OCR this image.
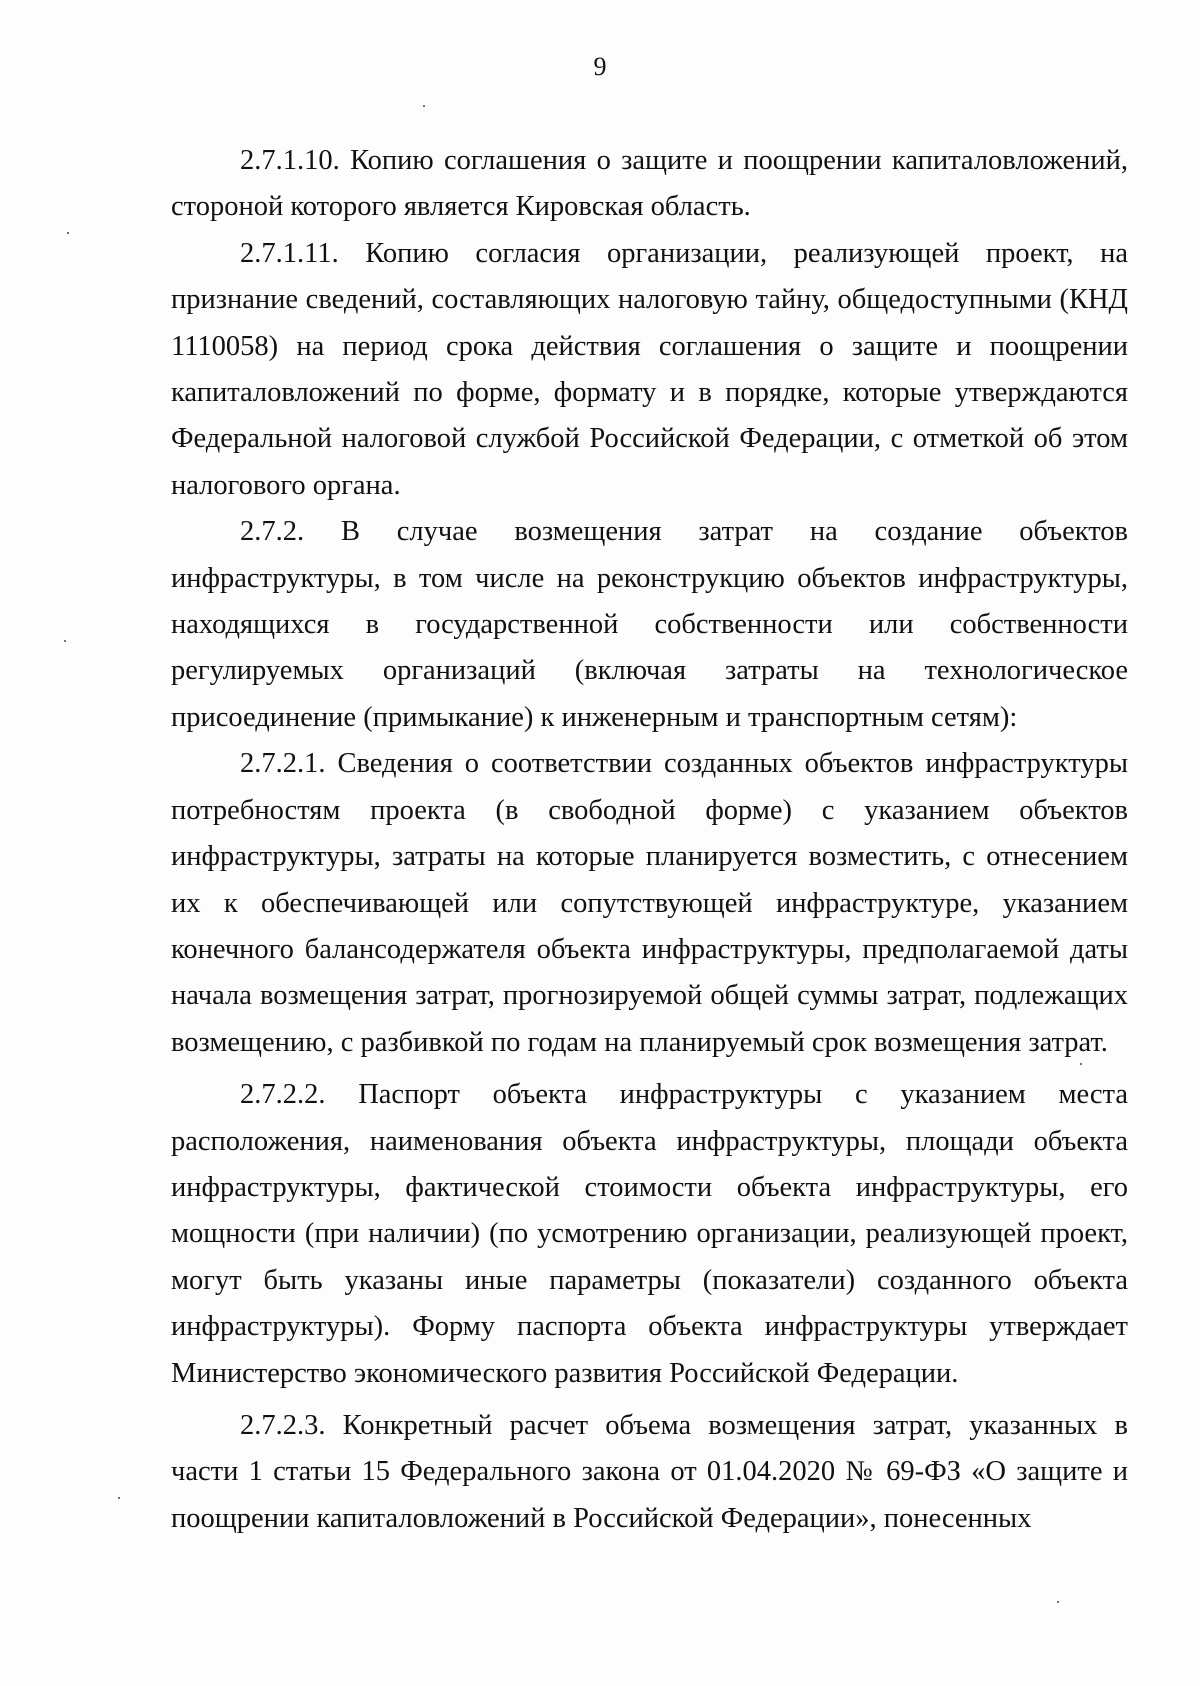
9

2.7.1.10. Копию соглашения о защите и поощрении капиталовложений, стороной которого является Кировская область.

2.7.1.11. Копию согласия организации, реализующей проект, на признание сведений, составляющих налоговую тайну, общедоступными (КНД 1110058) на период срока действия соглашения о защите и поощрении капиталовложений по форме, формату и в порядке, которые утверждаются Федеральной налоговой службой Российской Федерации, с отметкой об этом налогового органа.

2.7.2. В случае возмещения затрат на создание объектов инфраструктуры, в том числе на реконструкцию объектов инфраструктуры, находящихся в государственной собственности или собственности регулируемых организаций (включая затраты на технологическое присоединение (примыкание) к инженерным и транспортным сетям):

2.7.2.1. Сведения о соответствии созданных объектов инфраструктуры потребностям проекта (в свободной форме) с указанием объектов инфраструктуры, затраты на которые планируется возместить, с отнесением их к обеспечивающей или сопутствующей инфраструктуре, указанием конечного балансодержателя объекта инфраструктуры, предполагаемой даты начала возмещения затрат, прогнозируемой общей суммы затрат, подлежащих возмещению, с разбивкой по годам на планируемый срок возмещения затрат.

2.7.2.2. Паспорт объекта инфраструктуры с указанием места расположения, наименования объекта инфраструктуры, площади объекта инфраструктуры, фактической стоимости объекта инфраструктуры, его мощности (при наличии) (по усмотрению организации, реализующей проект, могут быть указаны иные параметры (показатели) созданного объекта инфраструктуры). Форму паспорта объекта инфраструктуры утверждает Министерство экономического развития Российской Федерации.

2.7.2.3. Конкретный расчет объема возмещения затрат, указанных в части 1 статьи 15 Федерального закона от 01.04.2020 № 69-ФЗ «О защите и поощрении капиталовложений в Российской Федерации», понесенных
